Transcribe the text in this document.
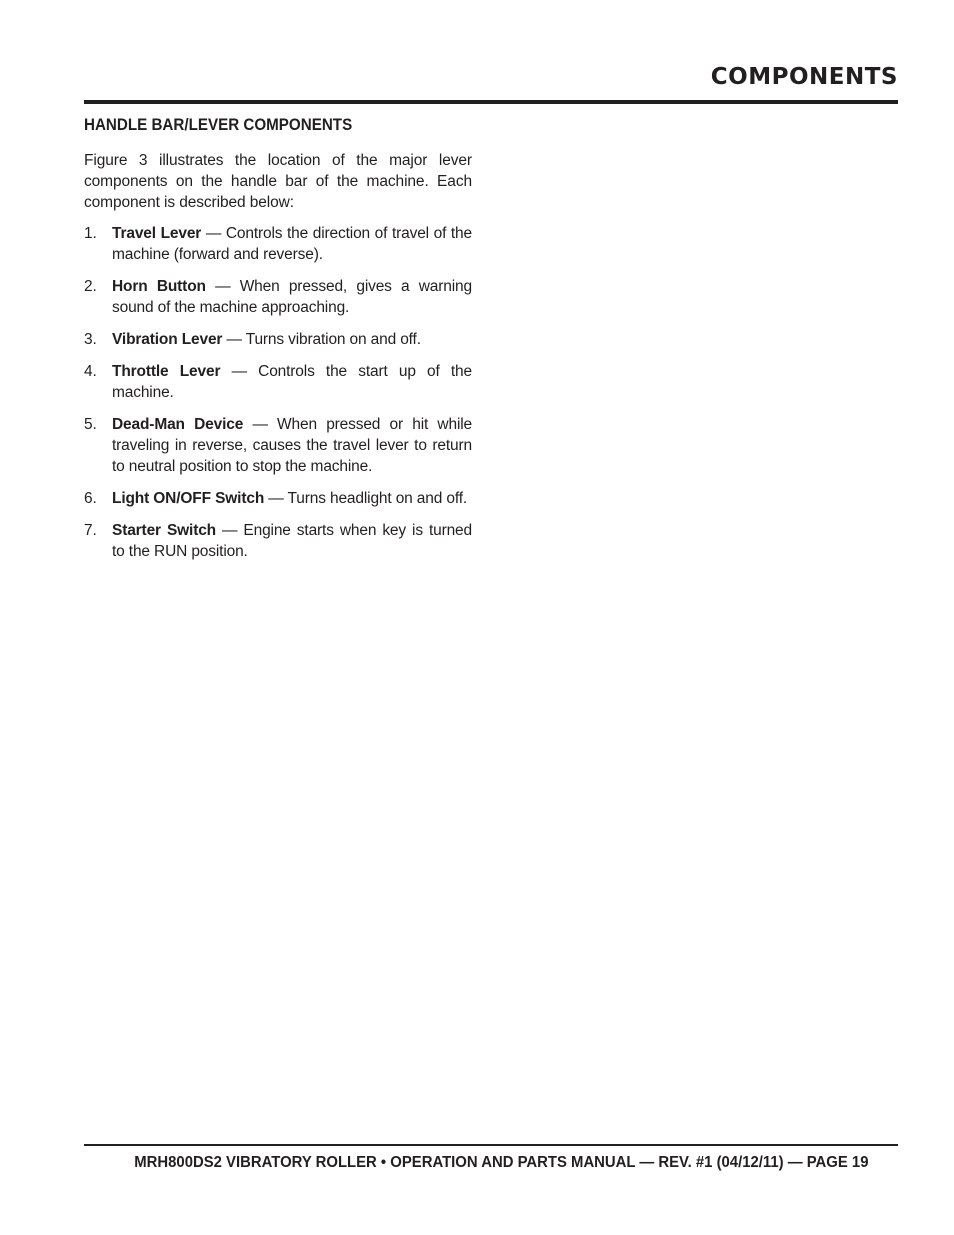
COMPONENTS
HANDLE BAR/LEVER COMPONENTS

Figure 3 illustrates the location of the major lever components on the handle bar of the machine. Each component is described below:

1. Travel Lever — Controls the direction of travel of the machine (forward and reverse).
2. Horn Button — When pressed, gives a warning sound of the machine approaching.
3. Vibration Lever — Turns vibration on and off.
4. Throttle Lever — Controls the start up of the machine.
5. Dead-Man Device — When pressed or hit while traveling in reverse, causes the travel lever to return to neutral position to stop the machine.
6. Light ON/OFF Switch — Turns headlight on and off.
7. Starter Switch — Engine starts when key is turned to the RUN position.
MRH800DS2 VIBRATORY ROLLER • OPERATION AND PARTS MANUAL — REV. #1 (04/12/11) — PAGE 19
